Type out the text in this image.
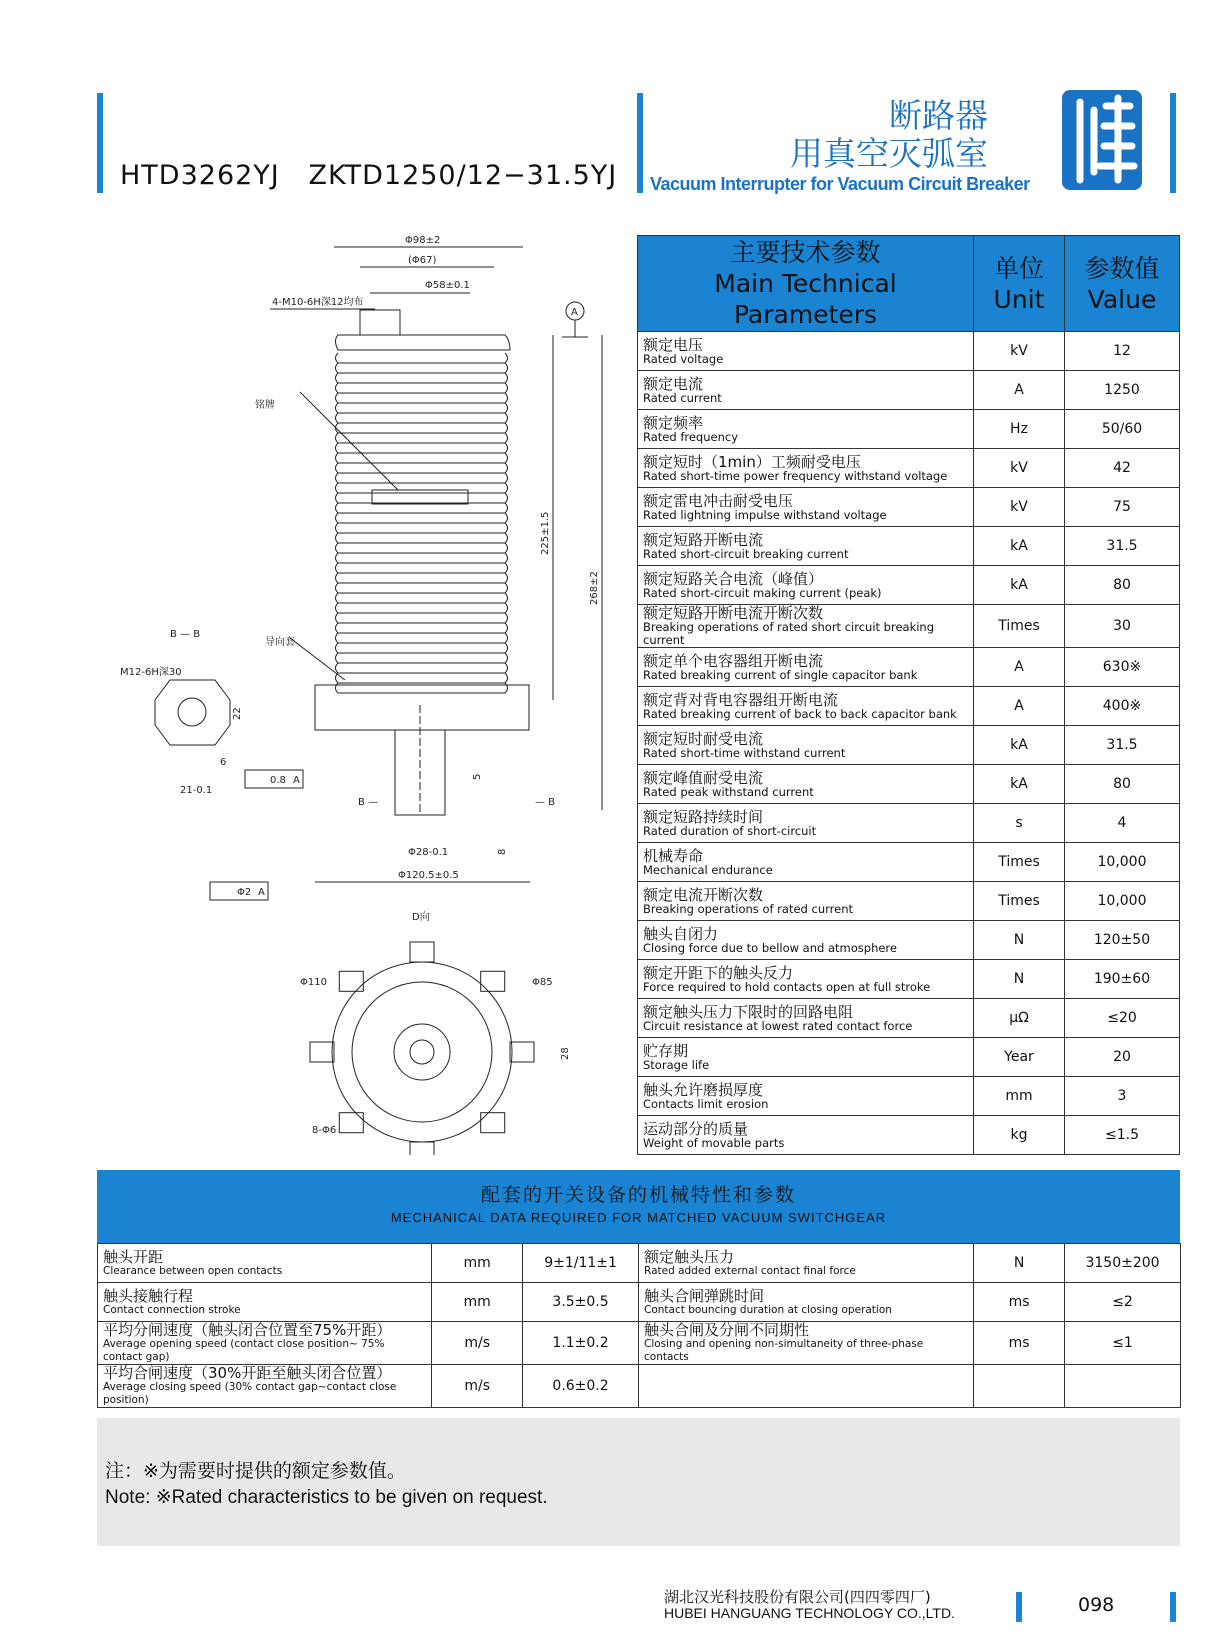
HTD3262YJ   ZKTD1250/12−31.5YJ
断路器
用真空灭弧室
Vacuum Interrupter for Vacuum Circuit Breaker
Φ98±2
(Φ67)
Φ58±0.1
4-M10-6H深12均布
A
铭牌
导向套
225±1.5
268±2
B — B
M12-6H深30
22
6
21-0.1
0.8 A
B —	— B
5
8
Φ28-0.1
Φ120.5±0.5
Φ2 A
D向
Φ110	Φ85
28
8-Φ6
主要技术参数
Main Technical Parameters	单位
Unit	参数值
Value

额定电压
Rated voltage	kV	12

额定电流
Rated current	A	1250

额定频率
Rated frequency	Hz	50/60

额定短时（1min）工频耐受电压
Rated short-time power frequency withstand voltage	kV	42

额定雷电冲击耐受电压
Rated lightning impulse withstand voltage	kV	75

额定短路开断电流
Rated short-circuit breaking current	kA	31.5

额定短路关合电流（峰值）
Rated short-circuit making current (peak)	kA	80

额定短路开断电流开断次数
Breaking operations of rated short circuit breaking current	Times	30

额定单个电容器组开断电流
Rated breaking current of single capacitor bank	A	630※

额定背对背电容器组开断电流
Rated breaking current of back to back capacitor bank	A	400※

额定短时耐受电流
Rated short-time withstand current	kA	31.5

额定峰值耐受电流
Rated peak withstand current	kA	80

额定短路持续时间
Rated duration of short-circuit	s	4

机械寿命
Mechanical endurance	Times	10,000

额定电流开断次数
Breaking operations of rated current	Times	10,000

触头自闭力
Closing force due to bellow and atmosphere	N	120±50

额定开距下的触头反力
Force required to hold contacts open at full stroke	N	190±60

额定触头压力下限时的回路电阻
Circuit resistance at lowest rated contact force	μΩ	≤20

贮存期
Storage life	Year	20

触头允许磨损厚度
Contacts limit erosion	mm	3

运动部分的质量
Weight of movable parts	kg	≤1.5
配套的开关设备的机械特性和参数
MECHANICAL DATA REQUIRED FOR MATCHED VACUUM SWITCHGEAR
触头开距
Clearance between open contacts	mm	9±1/11±1	额定触头压力
Rated added external contact final force	N	3150±200

触头接触行程
Contact connection stroke	mm	3.5±0.5	触头合闸弹跳时间
Contact bouncing duration at closing operation	ms	≤2

平均分闸速度（触头闭合位置至75%开距）
Average opening speed (contact close position~ 75% contact gap)	m/s	1.1±0.2	触头合闸及分闸不同期性
Closing and opening non-simultaneity of three-phase contacts	ms	≤1

平均合闸速度（30%开距至触头闭合位置）
Average closing speed (30% contact gap~contact close position)	m/s	0.6±0.2	

注：※为需要时提供的额定参数值。
Note: ※Rated characteristics to be given on request.
湖北汉光科技股份有限公司(四四零四厂)
HUBEI HANGUANG TECHNOLOGY CO.,LTD.	098
